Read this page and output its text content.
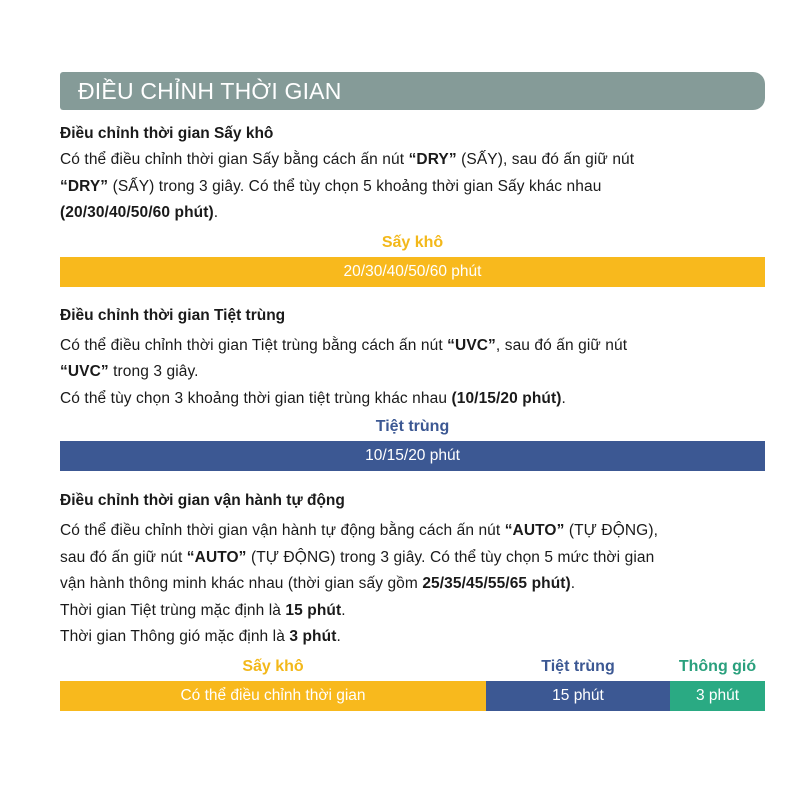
ĐIỀU CHỈNH THỜI GIAN

Điều chỉnh thời gian Sấy khô

Có thể điều chỉnh thời gian Sấy bằng cách ấn nút “DRY” (SẤY), sau đó ấn giữ nút

“DRY” (SẤY) trong 3 giây. Có thể tùy chọn 5 khoảng thời gian Sấy khác nhau

(20/30/40/50/60 phút).

Sấy khô
20/30/40/50/60 phút

Điều chỉnh thời gian Tiệt trùng

Có thể điều chỉnh thời gian Tiệt trùng bằng cách ấn nút “UVC”, sau đó ấn giữ nút

“UVC” trong 3 giây.

Có thể tùy chọn 3 khoảng thời gian tiệt trùng khác nhau (10/15/20 phút).

Tiệt trùng
10/15/20 phút

Điều chỉnh thời gian vận hành tự động

Có thể điều chỉnh thời gian vận hành tự động bằng cách ấn nút “AUTO” (TỰ ĐỘNG),

sau đó ấn giữ nút “AUTO” (TỰ ĐỘNG) trong 3 giây. Có thể tùy chọn 5 mức thời gian

vận hành thông minh khác nhau (thời gian sấy gồm 25/35/45/55/65 phút).

Thời gian Tiệt trùng mặc định là 15 phút.

Thời gian Thông gió mặc định là 3 phút.

Sấy khô	Tiệt trùng	Thông gió
Có thể điều chỉnh thời gian	15 phút	3 phút
